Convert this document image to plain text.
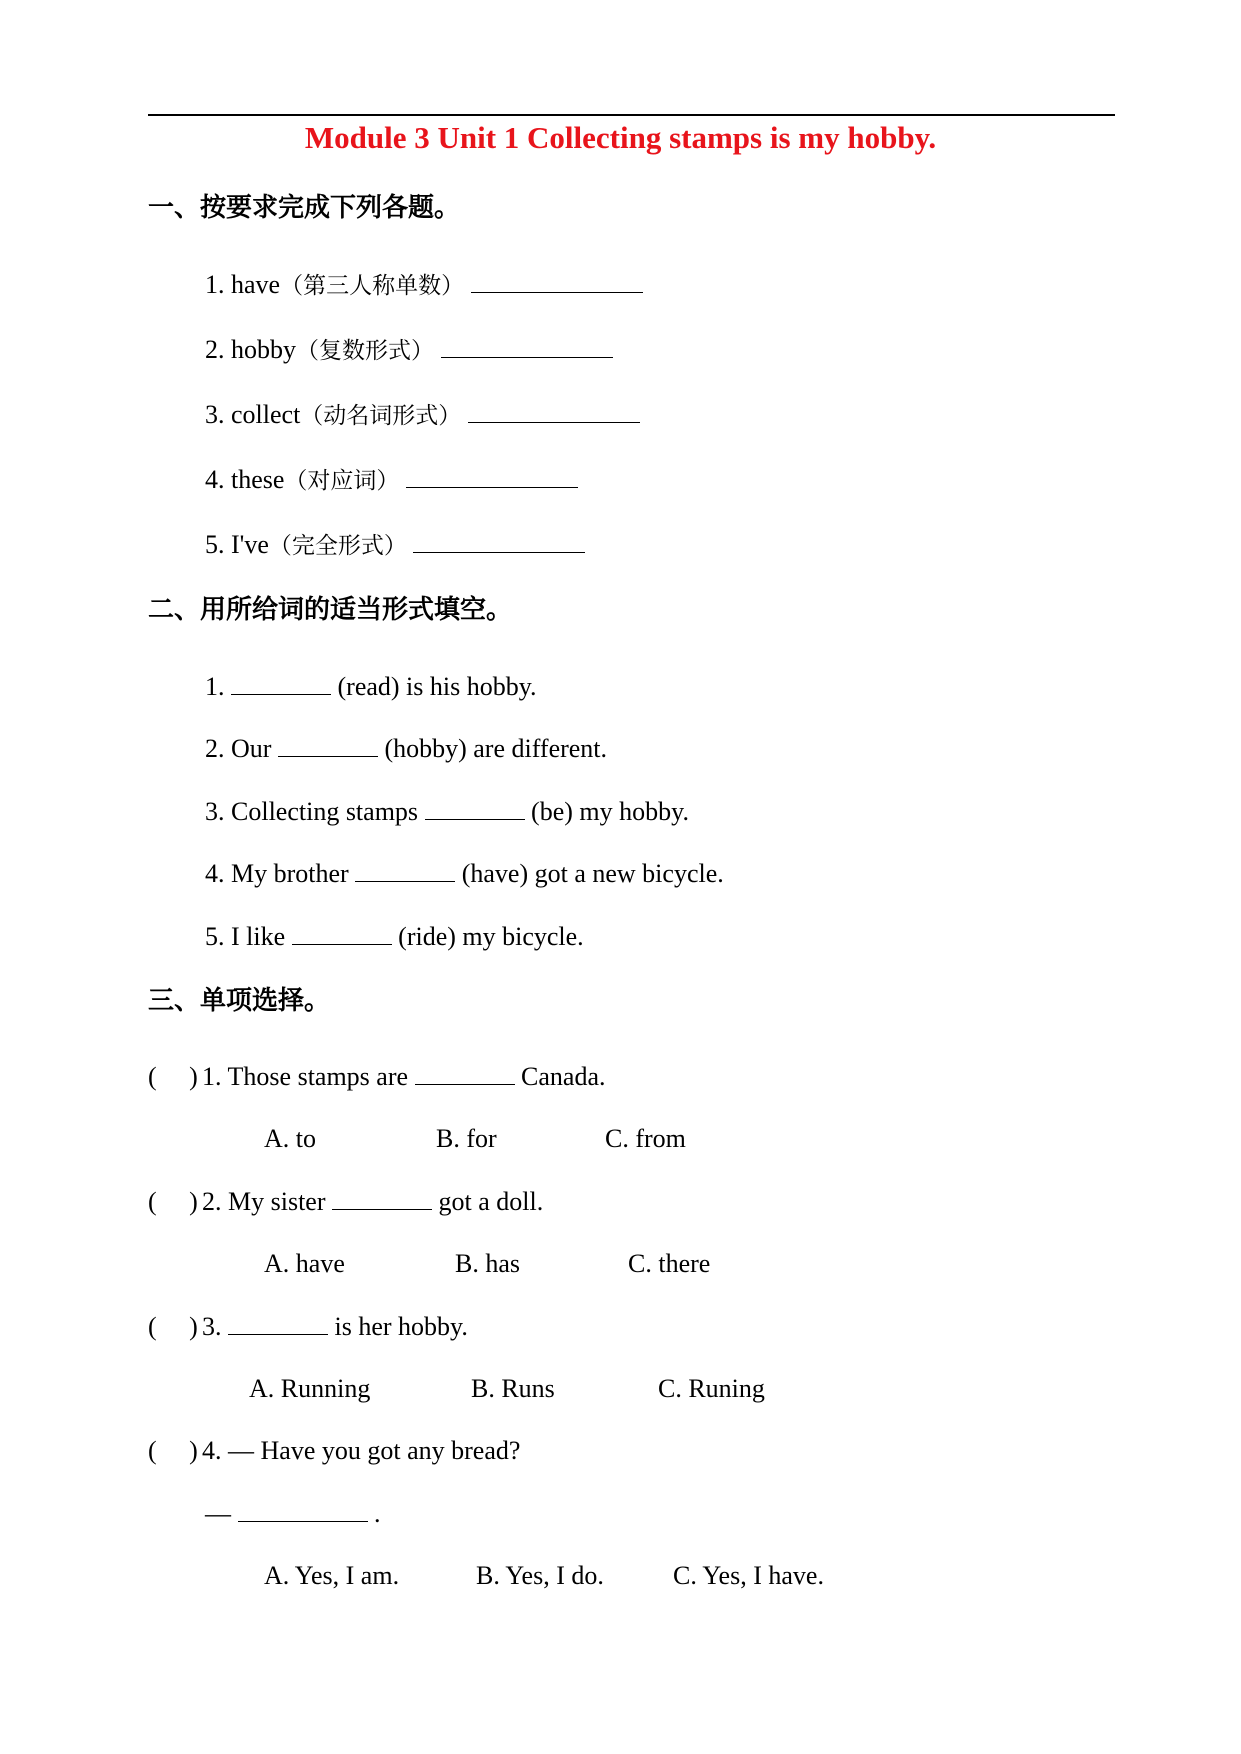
Module 3 Unit 1 Collecting stamps is my hobby.
一、按要求完成下列各题。
1. have（第三人称单数）
2. hobby（复数形式）
3. collect（动名词形式）
4. these（对应词）
5. I've（完全形式）
二、用所给词的适当形式填空。
1.	(read) is his hobby.
2. Our	(hobby) are different.
3. Collecting stamps	(be) my hobby.
4. My brother	(have) got a new bicycle.
5. I like	(ride) my bicycle.
三、单项选择。
(     ) 1. Those stamps are	Canada.
A. to	B. for	C. from
(     ) 2. My sister	got a doll.
A. have	B. has	C. there
(     ) 3.	is her hobby.
A. Running	B. Runs	C. Runing
(     ) 4. — Have you got any bread?
—	.
A. Yes, I am.	B. Yes, I do.	C. Yes, I have.
